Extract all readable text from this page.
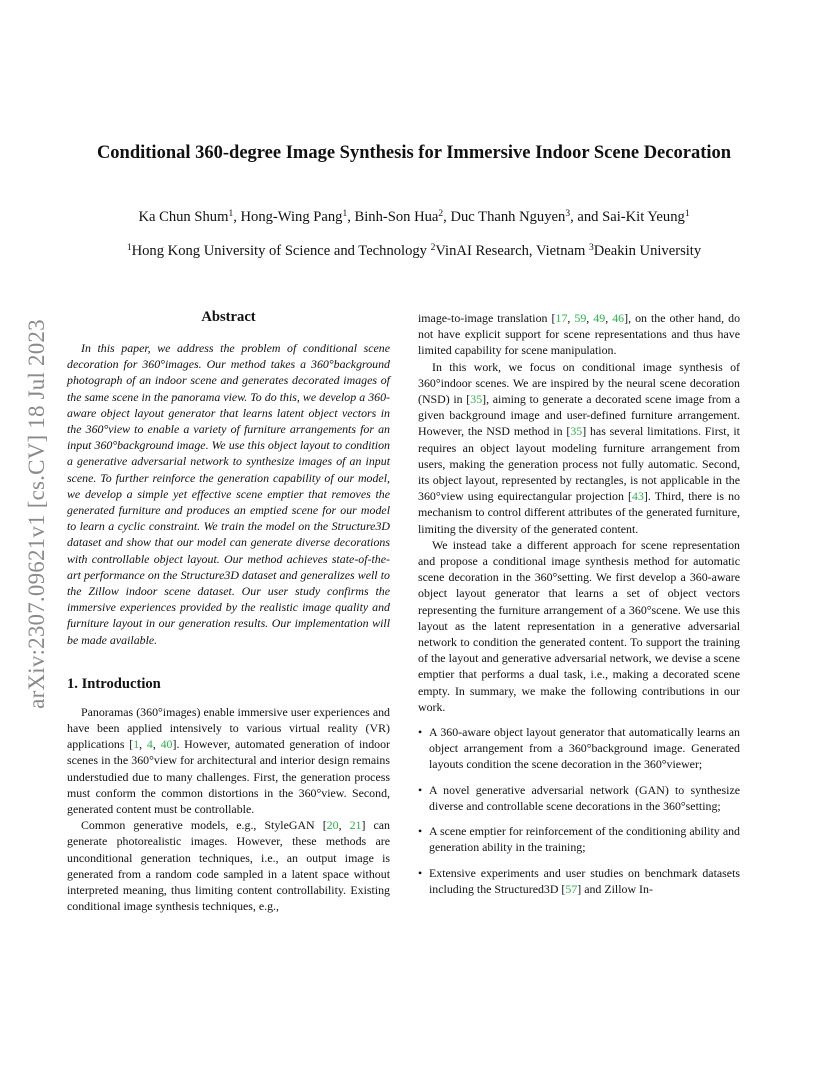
arXiv:2307.09621v1 [cs.CV] 18 Jul 2023
Conditional 360-degree Image Synthesis for Immersive Indoor Scene Decoration
Ka Chun Shum$^1$, Hong-Wing Pang$^1$, Binh-Son Hua$^2$, Duc Thanh Nguyen$^3$, and Sai-Kit Yeung$^1$
$^1$Hong Kong University of Science and Technology $^2$VinAI Research, Vietnam $^3$Deakin University
Abstract

In this paper, we address the problem of conditional scene decoration for 360°images. Our method takes a 360°background photograph of an indoor scene and generates decorated images of the same scene in the panorama view. To do this, we develop a 360-aware object layout generator that learns latent object vectors in the 360°view to enable a variety of furniture arrangements for an input 360°background image. We use this object layout to condition a generative adversarial network to synthesize images of an input scene. To further reinforce the generation capability of our model, we develop a simple yet effective scene emptier that removes the generated furniture and produces an emptied scene for our model to learn a cyclic constraint. We train the model on the Structure3D dataset and show that our model can generate diverse decorations with controllable object layout. Our method achieves state-of-the-art performance on the Structure3D dataset and generalizes well to the Zillow indoor scene dataset. Our user study confirms the immersive experiences provided by the realistic image quality and furniture layout in our generation results. Our implementation will be made available.

1. Introduction

Panoramas (360°images) enable immersive user experiences and have been applied intensively to various virtual reality (VR) applications [1, 4, 40]. However, automated generation of indoor scenes in the 360°view for architectural and interior design remains understudied due to many challenges. First, the generation process must conform the common distortions in the 360°view. Second, generated content must be controllable.

Common generative models, e.g., StyleGAN [20, 21] can generate photorealistic images. However, these methods are unconditional generation techniques, i.e., an output image is generated from a random code sampled in a latent space without interpreted meaning, thus limiting content controllability. Existing conditional image synthesis techniques, e.g.,

image-to-image translation [17, 59, 49, 46], on the other hand, do not have explicit support for scene representations and thus have limited capability for scene manipulation.

In this work, we focus on conditional image synthesis of 360°indoor scenes. We are inspired by the neural scene decoration (NSD) in [35], aiming to generate a decorated scene image from a given background image and user-defined furniture arrangement. However, the NSD method in [35] has several limitations. First, it requires an object layout modeling furniture arrangement from users, making the generation process not fully automatic. Second, its object layout, represented by rectangles, is not applicable in the 360°view using equirectangular projection [43]. Third, there is no mechanism to control different attributes of the generated furniture, limiting the diversity of the generated content.

We instead take a different approach for scene representation and propose a conditional image synthesis method for automatic scene decoration in the 360°setting. We first develop a 360-aware object layout generator that learns a set of object vectors representing the furniture arrangement of a 360°scene. We use this layout as the latent representation in a generative adversarial network to condition the generated content. To support the training of the layout and generative adversarial network, we devise a scene emptier that performs a dual task, i.e., making a decorated scene empty. In summary, we make the following contributions in our work.

• A 360-aware object layout generator that automatically learns an object arrangement from a 360°background image. Generated layouts condition the scene decoration in the 360°viewer;
• A novel generative adversarial network (GAN) to synthesize diverse and controllable scene decorations in the 360°setting;
• A scene emptier for reinforcement of the conditioning ability and generation ability in the training;
• Extensive experiments and user studies on benchmark datasets including the Structured3D [57] and Zillow In-
